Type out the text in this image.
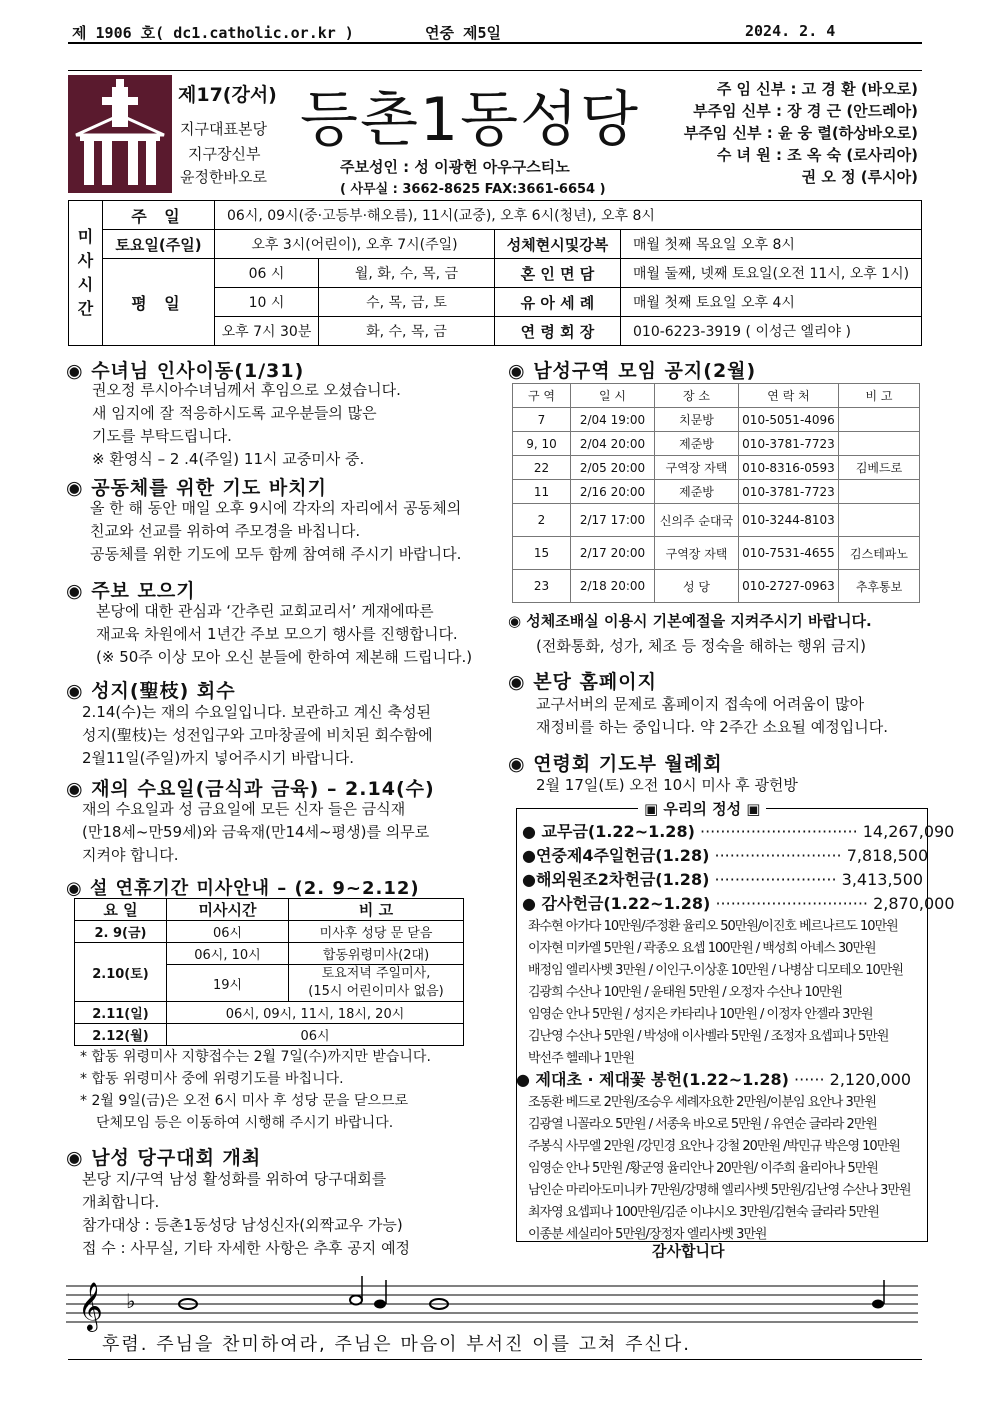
제 1906 호( dc1.catholic.or.kr )	연중 제5일	2024. 2. 4
제17(강서)
지구대표본당
지구장신부
윤정한바오로
등촌1동성당
주보성인 : 성 이광헌 아우구스티노
( 사무실 : 3662-8625 FAX:3661-6654 )
주 임 신부 : 고 경 환 (바오로)
부주임 신부 : 장 경 근 (안드레아)
부주임 신부 : 윤 웅 렬(하상바오로)
수 녀 원 : 조 옥 숙 (로사리아)
권 오 정 (루시아)
미
사
시
간	주 일	06시, 09시(중·고등부·해오름), 11시(교중), 오후 6시(청년), 오후 8시			
	토요일(주일)	오후 3시(어린이), 오후 7시(주일)		성체현시및강복	매월 첫째 목요일 오후 8시
	평 일	06 시	월, 화, 수, 목, 금	혼 인 면 담	매월 둘째, 넷째 토요일(오전 11시, 오후 1시)
		10 시	수, 목, 금, 토	유 아 세 례	매월 첫째 토요일 오후 4시
		오후 7시 30분	화, 수, 목, 금	연 령 회 장	010-6223-3919 ( 이성근 엘리야 )
◉ 수녀님 인사이동(1/31)
권오정 루시아수녀님께서 후임으로 오셨습니다.
새 임지에 잘 적응하시도록 교우분들의 많은
기도를 부탁드립니다.
※ 환영식 – 2 .4(주일) 11시 교중미사 중.
◉ 공동체를 위한 기도 바치기
올 한 해 동안 매일 오후 9시에 각자의 자리에서 공동체의
친교와 선교를 위하여 주모경을 바칩니다.
공동체를 위한 기도에 모두 함께 참여해 주시기 바랍니다.
◉ 주보 모으기
본당에 대한 관심과 ‘간추린 교회교리서’ 게재에따른
재교육 차원에서 1년간 주보 모으기 행사를 진행합니다.
(※ 50주 이상 모아 오신 분들에 한하여 제본해 드립니다.)
◉ 성지(聖枝) 회수
2.14(수)는 재의 수요일입니다. 보관하고 계신 축성된
성지(聖枝)는 성전입구와 고마창골에 비치된 회수함에
2월11일(주일)까지 넣어주시기 바랍니다.
◉ 재의 수요일(금식과 금육) – 2.14(수)
재의 수요일과 성 금요일에 모든 신자 들은 금식재
(만18세~만59세)와 금육재(만14세~평생)를 의무로
지켜야 합니다.
◉ 설 연휴기간 미사안내 – (2. 9~2.12)
요 일	미사시간	비 고
2. 9(금)	06시	미사후 성당 문 닫음
2.10(토)	06시, 10시	합동위령미사(2대)
	19시	토요저녁 주일미사,
(15시 어린이미사 없음)

2.11(일)	06시, 09시, 11시, 18시, 20시	
2.12(월)	06시	
* 합동 위령미사 지향접수는 2월 7일(수)까지만 받습니다.
* 합동 위령미사 중에 위령기도를 바칩니다.
* 2월 9일(금)은 오전 6시 미사 후 성당 문을 닫으므로
단체모임 등은 이동하여 시행해 주시기 바랍니다.
◉ 남성 당구대회 개최
본당 지/구역 남성 활성화를 위하여 당구대회를
개최합니다.
참가대상 : 등촌1동성당 남성신자(외짝교우 가능)
접 수 : 사무실, 기타 자세한 사항은 추후 공지 예정
◉ 남성구역 모임 공지(2월)
구 역	일 시	장 소	연 락 처	비 고
7	2/04 19:00	치문방	010-5051-4096	
9, 10	2/04 20:00	제준방	010-3781-7723	
22	2/05 20:00	구역장 자택	010-8316-0593	김베드로
11	2/16 20:00	제준방	010-3781-7723	
2	2/17 17:00	신의주 순대국	010-3244-8103	
15	2/17 20:00	구역장 자택	010-7531-4655	김스테파노
23	2/18 20:00	성 당	010-2727-0963	추후통보
◉ 성체조배실 이용시 기본예절을 지켜주시기 바랍니다.
(전화통화, 성가, 체조 등 정숙을 해하는 행위 금지)
◉ 본당 홈페이지
교구서버의 문제로 홈페이지 접속에 어려움이 많아
재정비를 하는 중입니다. 약 2주간 소요될 예정입니다.
◉ 연령회 기도부 월례회
2월 17일(토) 오전 10시 미사 후 광헌방
▣ 우리의 정성 ▣
● 교무금(1.22~1.28) ······························· 14,267,090
●연중제4주일헌금(1.28) ························· 7,818,500
●해외원조2차헌금(1.28) ························ 3,413,500
● 감사헌금(1.22~1.28) ······························ 2,870,000
좌수현 아가다 10만원/주정환 율리오 50만원/이진호 베르나르도 10만원
이자현 미카엘 5만원 / 곽종오 요셉 100만원 / 백성희 아녜스 30만원
배정임 엘리사벳 3만원 / 이인구.이상훈 10만원 / 나병삼 디모테오 10만원
김광희 수산나 10만원 / 윤태원 5만원 / 오정자 수산나 10만원
임영순 안나 5만원 / 성지은 카타리나 10만원 / 이정자 안젤라 3만원
김난영 수산나 5만원 / 박성애 이사벨라 5만원 / 조정자 요셉피나 5만원
박선주 헬레나 1만원
● 제대초 · 제대꽃 봉헌(1.22~1.28) ······ 2,120,000
조동환 베드로 2만원/조승우 세례자요한 2만원/이분임 요안나 3만원
김광열 니꼴라오 5만원 / 서종욱 바오로 5만원 / 유연순 글라라 2만원
주봉식 사무엘 2만원 /강민경 요안나 강철 20만원 /박민규 박은영 10만원
임영순 안나 5만원 /황군영 율리안나 20만원/ 이주희 율리아나 5만원
남인순 마리아도미니카 7만원/강명해 엘리사벳 5만원/김난영 수산나 3만원
최자영 요셉피나 100만원/김준 이냐시오 3만원/김현숙 글라라 5만원
이종분 세실리아 5만원/장정자 엘리사벳 3만원
감사합니다
𝄞 ♭
후렴. 주님을 찬미하여라, 주님은 마음이 부서진 이를 고쳐 주신다.
